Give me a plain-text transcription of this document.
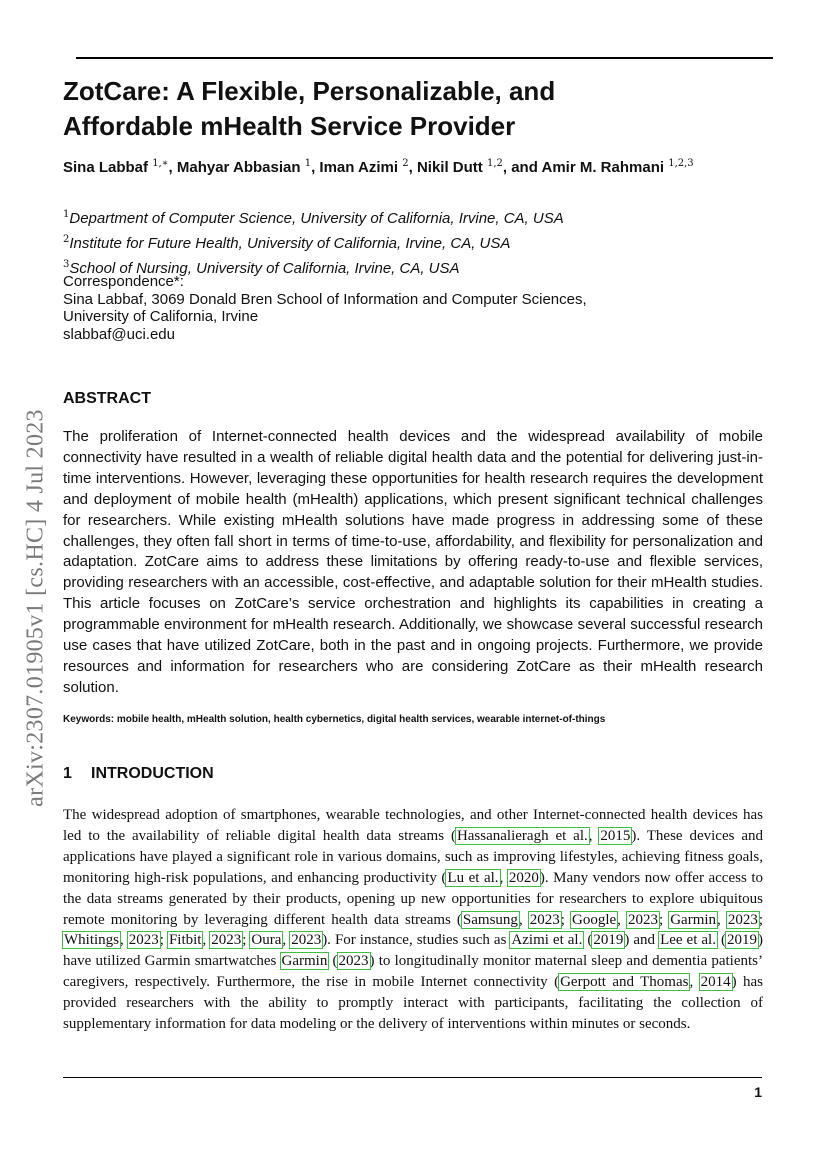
arXiv:2307.01905v1 [cs.HC] 4 Jul 2023
ZotCare: A Flexible, Personalizable, and
Affordable mHealth Service Provider
Sina Labbaf $^{1,∗}$, Mahyar Abbasian $^1$, Iman Azimi $^2$, Nikil Dutt $^{1,2}$, and Amir M. Rahmani $^{1,2,3}$
$^1$Department of Computer Science, University of California, Irvine, CA, USA
$^2$Institute for Future Health, University of California, Irvine, CA, USA
$^3$School of Nursing, University of California, Irvine, CA, USA
Correspondence*:
Sina Labbaf, 3069 Donald Bren School of Information and Computer Sciences,
University of California, Irvine
slabbaf@uci.edu
ABSTRACT

The proliferation of Internet-connected health devices and the widespread availability of mobile connectivity have resulted in a wealth of reliable digital health data and the potential for delivering just-in-time interventions. However, leveraging these opportunities for health research requires the development and deployment of mobile health (mHealth) applications, which present significant technical challenges for researchers. While existing mHealth solutions have made progress in addressing some of these challenges, they often fall short in terms of time-to-use, affordability, and flexibility for personalization and adaptation. ZotCare aims to address these limitations by offering ready-to-use and flexible services, providing researchers with an accessible, cost-effective, and adaptable solution for their mHealth studies. This article focuses on ZotCare’s service orchestration and highlights its capabilities in creating a programmable environment for mHealth research. Additionally, we showcase several successful research use cases that have utilized ZotCare, both in the past and in ongoing projects. Furthermore, we provide resources and information for researchers who are considering ZotCare as their mHealth research solution.

Keywords: mobile health, mHealth solution, health cybernetics, digital health services, wearable internet-of-things
1 INTRODUCTION

The widespread adoption of smartphones, wearable technologies, and other Internet-connected health devices has led to the availability of reliable digital health data streams (Hassanalieragh et al., 2015). These devices and applications have played a significant role in various domains, such as improving lifestyles, achieving fitness goals, monitoring high-risk populations, and enhancing productivity (Lu et al., 2020). Many vendors now offer access to the data streams generated by their products, opening up new opportunities for researchers to explore ubiquitous remote monitoring by leveraging different health data streams (Samsung, 2023; Google, 2023; Garmin, 2023; Whitings, 2023; Fitbit, 2023; Oura, 2023). For instance, studies such as Azimi et al. (2019) and Lee et al. (2019) have utilized Garmin smartwatches Garmin (2023) to longitudinally monitor maternal sleep and dementia patients’ caregivers, respectively. Furthermore, the rise in mobile Internet connectivity (Gerpott and Thomas, 2014) has provided researchers with the ability to promptly interact with participants, facilitating the collection of supplementary information for data modeling or the delivery of interventions within minutes or seconds.

1
